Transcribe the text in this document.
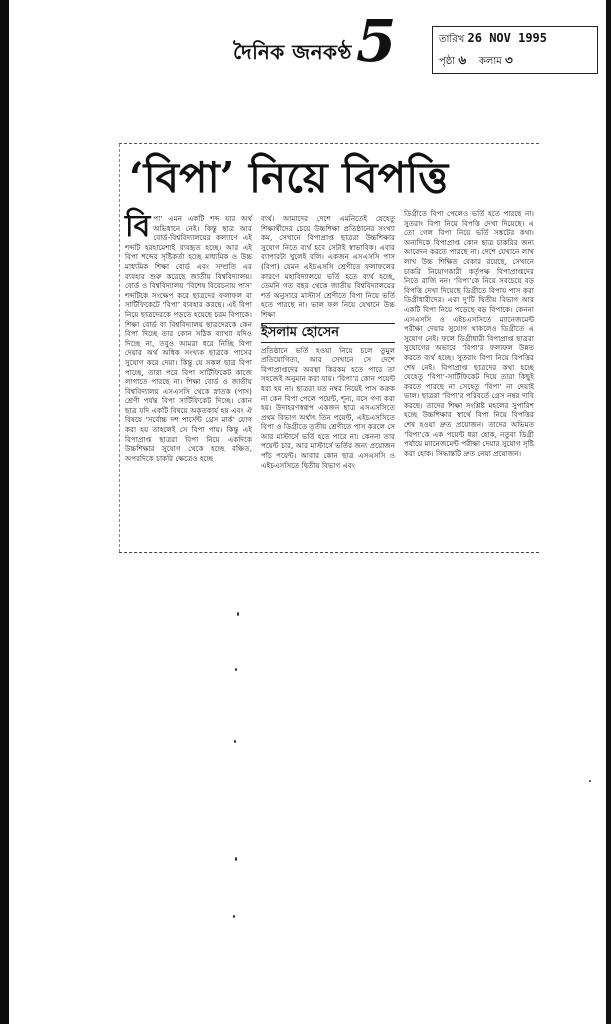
দৈনিক জনকণ্ঠ 5	তারিখ 26 NOV 1995
পৃষ্ঠা ৬ কলাম ৩
‘বিপা’ নিয়ে বিপত্তি
বি পা’ এমন একটি শব্দ যার অর্থ অভিধানে নেই। কিন্তু ছাত্র আর বোর্ড-বিশ্ববিদ্যালয়ের কল্যাণে এই শব্দটি হরহামেশাই ব্যবহৃত হচ্ছে। আর এই বিপা শব্দের সৃষ্টিকর্তা হচ্ছে মাধ্যমিক ও উচ্চ মাধ্যমিক শিক্ষা বোর্ড এবং সম্প্রতি এর ব্যবহার শুরু করেছে জাতীয় বিশ্ববিদ্যালয়। বোর্ড ও বিশ্ববিদ্যালয় ‘বিশেষ বিবেচনায় পাস’ শব্দটিকে সংক্ষেপ করে ছাত্রদের ফলাফল বা সার্টিফিকেটে ‘বিপা’ ব্যবহার করছে। এই বিপা নিয়ে ছাত্রদেরকে পড়তে হয়েছে চরম বিপাকে। শিক্ষা বোর্ড বা বিশ্ববিদ্যালয় ছাত্রদেরকে কেন বিপা দিচ্ছে তার কোন সঠিক ব্যাখ্যা যদিও দিচ্ছে না, তবুও আমরা ধরে নিচ্ছি বিপা দেয়ার অর্থ অধিক সংখ্যক ছাত্রকে পাসের সুযোগ করে দেয়া। কিন্তু যে সকল ছাত্র বিপা পাচ্ছে, তারা পরে বিপা সার্টিফিকেট কাজে লাগাতে পারছে না। শিক্ষা বোর্ড ও জাতীয় বিশ্ববিদ্যালয় এসএসসি থেকে স্নাতক (পাস) শ্রেণী পর্যন্ত বিপা সার্টিফিকেট দিচ্ছে। কোন ছাত্র যদি একটি বিষয়ে অকৃতকার্য হয় এবং ঐ বিষয়ে ‘সর্বোচ্চ দশ পার্সেন্ট গ্রেস মার্ক’ যোগ করা হয় তাহলেই সে বিপা পায়। কিন্তু এই বিপাপ্রাপ্ত ছাত্ররা বিপা নিয়ে একদিকে উচ্চশিক্ষার সুযোগ থেকে হচ্ছে বঞ্চিত, অপরদিকে চাকরি ক্ষেত্রেও হচ্ছে
ব্যর্থ। আমাদের দেশে এমনিতেই যেহেতু শিক্ষার্থীদের চেয়ে উচ্চশিক্ষা প্রতিষ্ঠানের সংখ্যা কম, সেখানে বিপাপ্রাপ্ত ছাত্ররা উচ্চশিক্ষার সুযোগ নিতে ব্যর্থ হবে সেটাই স্বাভাবিক। এবার ব্যাপারটা খুলেই বলি। একজন এসএসসি পাস (বিপা) যেমন এইচএসসি শ্রেণীতে ফলাফলের কারণে মহাবিদ্যালয়ে ভর্তি হতে ব্যর্থ হচ্ছে, তেমনি গত বছর থেকে জাতীয় বিশ্ববিদ্যালয়ের শর্ত অনুসারে মাস্টার্স শ্রেণীতে বিপা নিয়ে ভর্তি হতে পারছে না। ভাল ফল নিয়ে যেখানে উচ্চ শিক্ষা
ইসলাম হোসেন
প্রতিষ্ঠানে ভর্তি হওয়া নিয়ে চলে তুমুল প্রতিযোগিতা, আর সেখানে সে দেশে বিপাপ্রাপ্তদের অবস্থা কিরকম হতে পারে তা সহজেই অনুমান করা যায়। ‘বিপা’র কোন পয়েন্ট ধরা হয় না। ছাত্ররা যত নম্বর নিয়েই পাস করুক না কেন বিপা পেলে পয়েন্ট, শূন্য, বসে গণ্য করা হয়। উদাহরণস্বরূপ একজন ছাত্র এসএসসিতে প্রথম বিভাগ অর্থাৎ তিন পয়েন্ট, এইচএসসিতে বিপা ও ডিগ্রীতে তৃতীয় শ্রেণীতে পাস করলে সে আর মাস্টার্সে ভর্তি হতে পারে না। কেননা তার পয়েন্ট চার, আর মাস্টার্সে ভর্তির জন্য প্রয়োজন পাঁচ পয়েন্ট। আবার কোন ছাত্র এসএসসি ও এইচএসসিতে দ্বিতীয় বিভাগ এবং
ডিগ্রীতে বিপা পেলেও ভর্তি হতে পারছে না। সুতরাং বিপা নিয়ে বিপত্তি দেখা দিয়েছে। এ তো গেল বিপা নিয়ে ভর্তি সঙ্কটের কথা। অন্যদিকে বিপাপ্রাপ্ত কোন ছাত্র চাকরির জন্য আবেদন করতে পারছে না। দেশে যেখানে লাখ লাখ উচ্চ শিক্ষিত বেকার রয়েছে, সেখানে চাকরি নিয়োগকারী কর্তৃপক্ষ বিপাপ্রাপ্তদের নিতে রাজি নন। ‘বিপা’কে নিয়ে সবচেয়ে বড় বিপত্তি দেখা দিয়েছে ডিগ্রীতে বিপায় পাস করা ডিগ্রীধারীদের। এরা দু’টি দ্বিতীয় বিভাগ আর একটি বিপা নিয়ে পড়েছে বড় বিপাকে। কেননা এসএসসি ও এইচএসসিতে ম্যানেজমেন্ট পরীক্ষা দেয়ার সুযোগ থাকলেও ডিগ্রীতে এ সুযোগ নেই। ফলে ডিগ্রীধারী বিপাপ্রাপ্ত ছাত্ররা সুযোগের অভাবে ‘বিপা’র ফলাফল উন্নত করতে ব্যর্থ হচ্ছে। সুতরাং বিপা নিয়ে বিপত্তির শেষ নেই। বিপাপ্রাপ্ত ছাত্রদের কথা হচ্ছে যেহেতু ‘বিপা’-সার্টিফিকেট দিয়ে তারা কিছুই করতে পারছে না সেহেতু ‘বিপা’ না দেয়াই ভাল। ছাত্ররা ‘বিপা’র পরিবর্তে গ্রেস নম্বর দাবি করছে। তাদের শিক্ষা সংশ্লিষ্ট মহলের সুপারিশ হচ্ছে উচ্চশিক্ষার স্বার্থে বিপা নিয়ে বিপত্তির শেষ হওয়া দ্রুত প্রয়োজন। তাদের অভিমত ‘বিপা’কে এক পয়েন্ট ধরা হোক, নতুবা ডিগ্রী পর্যায়ে ম্যানেজমেন্ট পরীক্ষা দেয়ার সুযোগ সৃষ্টি করা হোক। সিদ্ধান্তটি দ্রুত নেয়া প্রয়োজন।
